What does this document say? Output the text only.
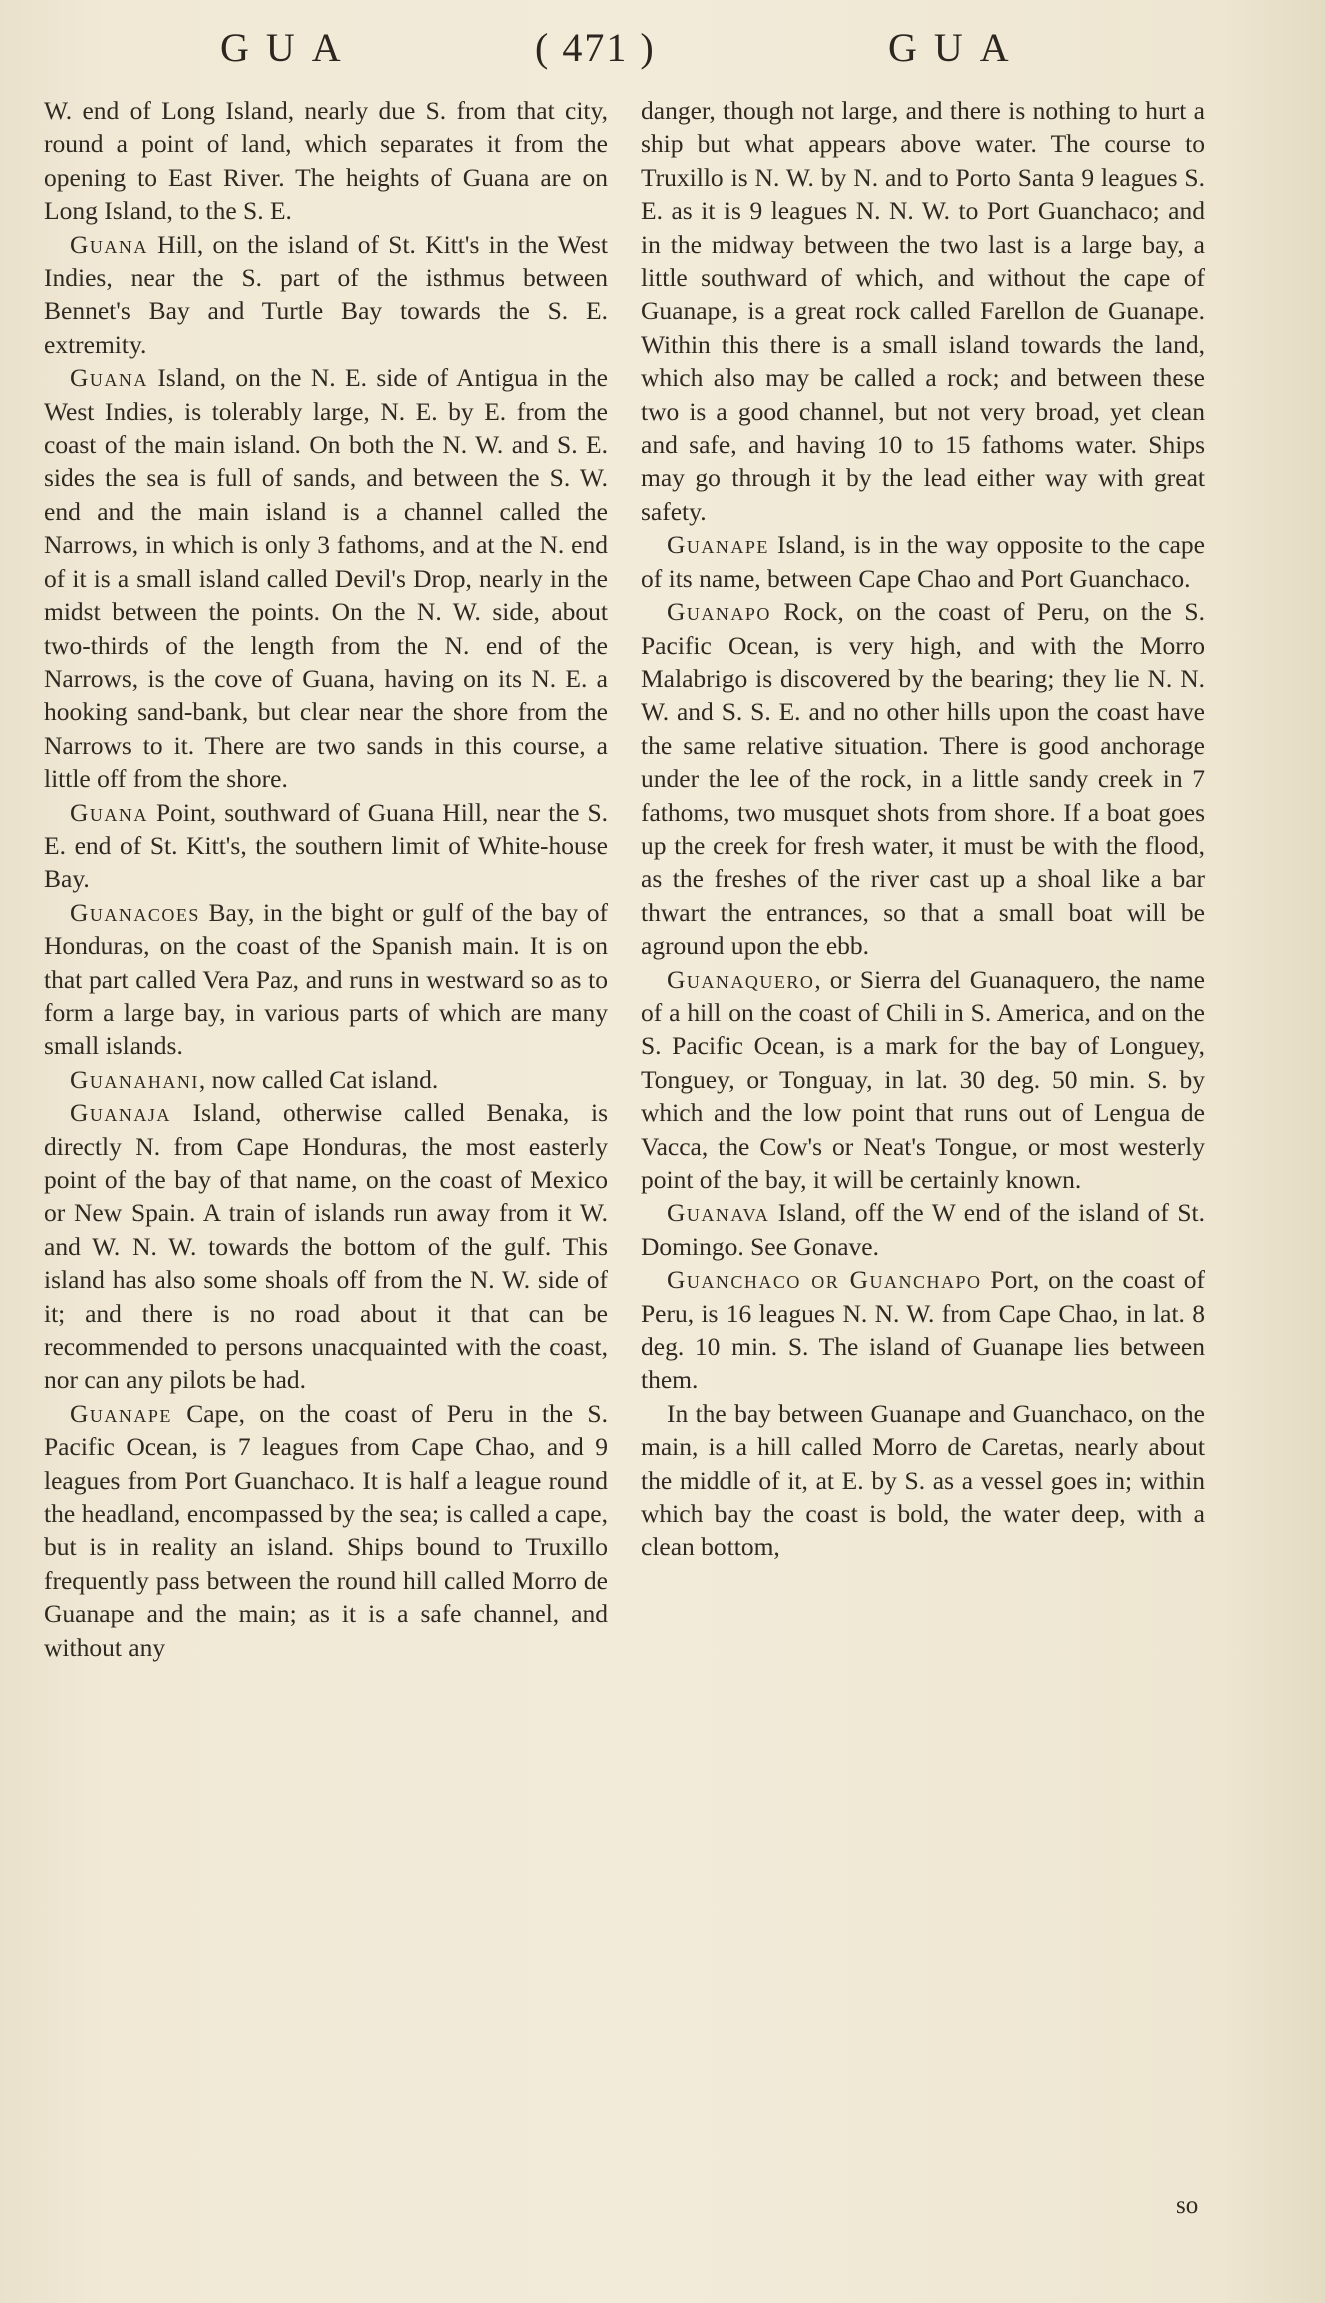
GUA	( 471 )	GUA

W. end of Long Island, nearly due S. from that city, round a point of land, which separates it from the opening to East River. The heights of Guana are on Long Island, to the S. E.

Guana Hill, on the island of St. Kitt's in the West Indies, near the S. part of the isthmus between Bennet's Bay and Turtle Bay towards the S. E. extremity.

Guana Island, on the N. E. side of Antigua in the West Indies, is tolerably large, N. E. by E. from the coast of the main island. On both the N. W. and S. E. sides the sea is full of sands, and between the S. W. end and the main island is a channel called the Narrows, in which is only 3 fathoms, and at the N. end of it is a small island called Devil's Drop, nearly in the midst between the points. On the N. W. side, about two-thirds of the length from the N. end of the Narrows, is the cove of Guana, having on its N. E. a hooking sand-bank, but clear near the shore from the Narrows to it. There are two sands in this course, a little off from the shore.

Guana Point, southward of Guana Hill, near the S. E. end of St. Kitt's, the southern limit of White-house Bay.

Guanacoes Bay, in the bight or gulf of the bay of Honduras, on the coast of the Spanish main. It is on that part called Vera Paz, and runs in westward so as to form a large bay, in various parts of which are many small islands.

Guanahani, now called Cat island.

Guanaja Island, otherwise called Benaka, is directly N. from Cape Honduras, the most easterly point of the bay of that name, on the coast of Mexico or New Spain. A train of islands run away from it W. and W. N. W. towards the bottom of the gulf. This island has also some shoals off from the N. W. side of it; and there is no road about it that can be recommended to persons unacquainted with the coast, nor can any pilots be had.

Guanape Cape, on the coast of Peru in the S. Pacific Ocean, is 7 leagues from Cape Chao, and 9 leagues from Port Guanchaco. It is half a league round the headland, encompassed by the sea; is called a cape, but is in reality an island. Ships bound to Truxillo frequently pass between the round hill called Morro de Guanape and the main; as it is a safe channel, and without any

danger, though not large, and there is nothing to hurt a ship but what appears above water. The course to Truxillo is N. W. by N. and to Porto Santa 9 leagues S. E. as it is 9 leagues N. N. W. to Port Guanchaco; and in the midway between the two last is a large bay, a little southward of which, and without the cape of Guanape, is a great rock called Farellon de Guanape. Within this there is a small island towards the land, which also may be called a rock; and between these two is a good channel, but not very broad, yet clean and safe, and having 10 to 15 fathoms water. Ships may go through it by the lead either way with great safety.

Guanape Island, is in the way opposite to the cape of its name, between Cape Chao and Port Guanchaco.

Guanapo Rock, on the coast of Peru, on the S. Pacific Ocean, is very high, and with the Morro Malabrigo is discovered by the bearing; they lie N. N. W. and S. S. E. and no other hills upon the coast have the same relative situation. There is good anchorage under the lee of the rock, in a little sandy creek in 7 fathoms, two musquet shots from shore. If a boat goes up the creek for fresh water, it must be with the flood, as the freshes of the river cast up a shoal like a bar thwart the entrances, so that a small boat will be aground upon the ebb.

Guanaquero, or Sierra del Guanaquero, the name of a hill on the coast of Chili in S. America, and on the S. Pacific Ocean, is a mark for the bay of Longuey, Tonguey, or Tonguay, in lat. 30 deg. 50 min. S. by which and the low point that runs out of Lengua de Vacca, the Cow's or Neat's Tongue, or most westerly point of the bay, it will be certainly known.

Guanava Island, off the W end of the island of St. Domingo. See Gonave.

Guanchaco or Guanchapo Port, on the coast of Peru, is 16 leagues N. N. W. from Cape Chao, in lat. 8 deg. 10 min. S. The island of Guanape lies between them.

In the bay between Guanape and Guanchaco, on the main, is a hill called Morro de Caretas, nearly about the middle of it, at E. by S. as a vessel goes in; within which bay the coast is bold, the water deep, with a clean bottom,

so
